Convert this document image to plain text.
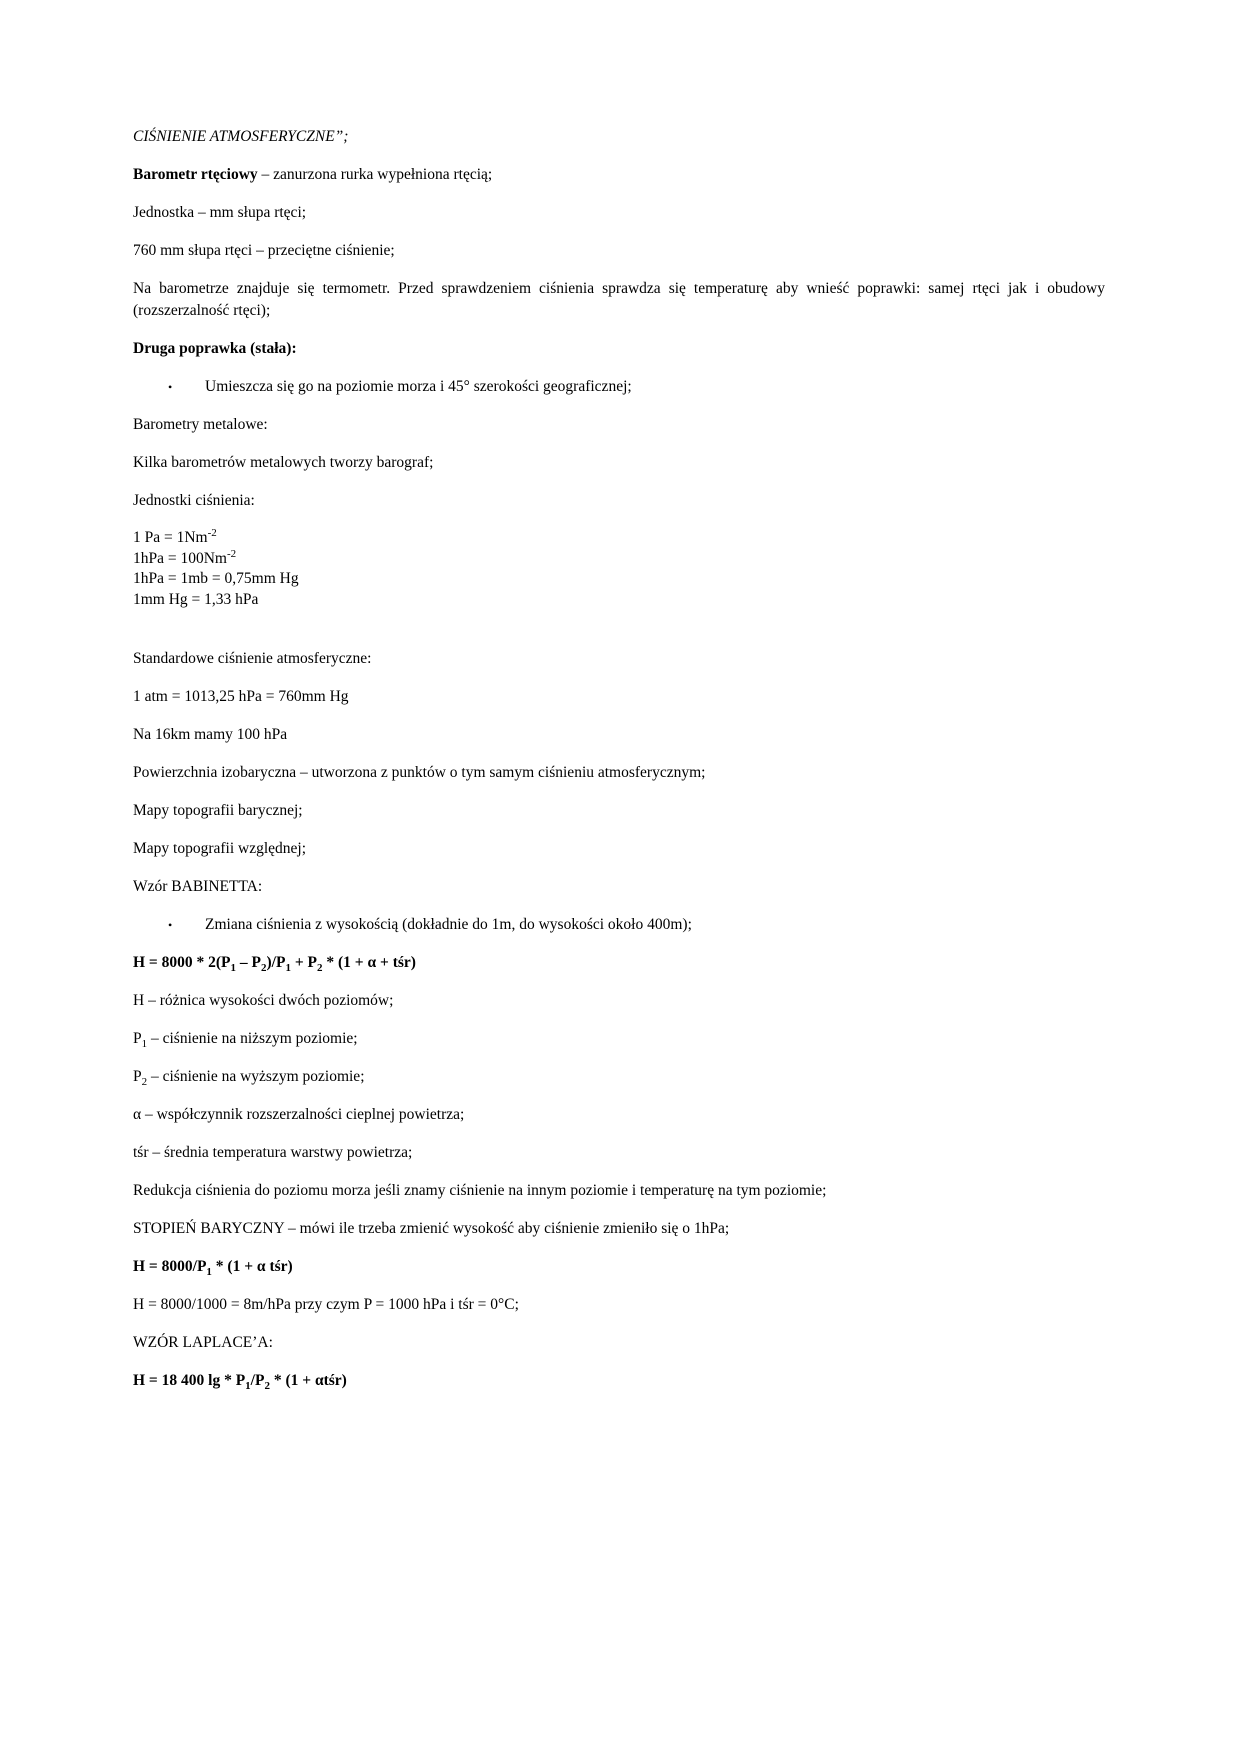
CIŚNIENIE ATMOSFERYCZNE”;
Barometr rtęciowy – zanurzona rurka wypełniona rtęcią;
Jednostka – mm słupa rtęci;
760 mm słupa rtęci – przeciętne ciśnienie;
Na barometrze znajduje się termometr. Przed sprawdzeniem ciśnienia sprawdza się temperaturę aby wnieść poprawki: samej rtęci jak i obudowy (rozszerzalność rtęci);
Druga poprawka (stała):
•	Umieszcza się go na poziomie morza i 45° szerokości geograficznej;
Barometry metalowe:
Kilka barometrów metalowych tworzy barograf;
Jednostki ciśnienia:
1 $Pa = 1Nm^{-2}$
$1hPa = 100Nm^{-2}$
1hPa = 1mb = 0,75mm Hg
1mm Hg = 1,33 hPa
Standardowe ciśnienie atmosferyczne:
1 atm = 1013,25 hPa = 760mm Hg
Na 16km mamy 100 hPa
Powierzchnia izobaryczna – utworzona z punktów o tym samym ciśnieniu atmosferycznym;
Mapy topografii barycznej;
Mapy topografii względnej;
Wzór BABINETTA:
•	Zmiana ciśnienia z wysokością (dokładnie do 1m, do wysokości około 400m);
$H = 8000 * 2(P_1 - P_2)/P_1 + P_2 * (1 + \alpha$ + tśr)
H – różnica wysokości dwóch poziomów;
$P_1$ – ciśnienie na niższym poziomie;
$P_2$ – ciśnienie na wyższym poziomie;
α – współczynnik rozszerzalności cieplnej powietrza;
tśr – średnia temperatura warstwy powietrza;
Redukcja ciśnienia do poziomu morza jeśli znamy ciśnienie na innym poziomie i temperaturę na tym poziomie;
STOPIEŃ BARYCZNY – mówi ile trzeba zmienić wysokość aby ciśnienie zmieniło się o 1hPa;
$H = 8000/P_1 * (1 + \alpha$ tśr)
H = 8000/1000 = 8m/hPa przy czym P = 1000 hPa i tśr = 0°C;
WZÓR LAPLACE’A:
H = 18 400 lg * $P_1/P_2 * (1$ + αtśr)
